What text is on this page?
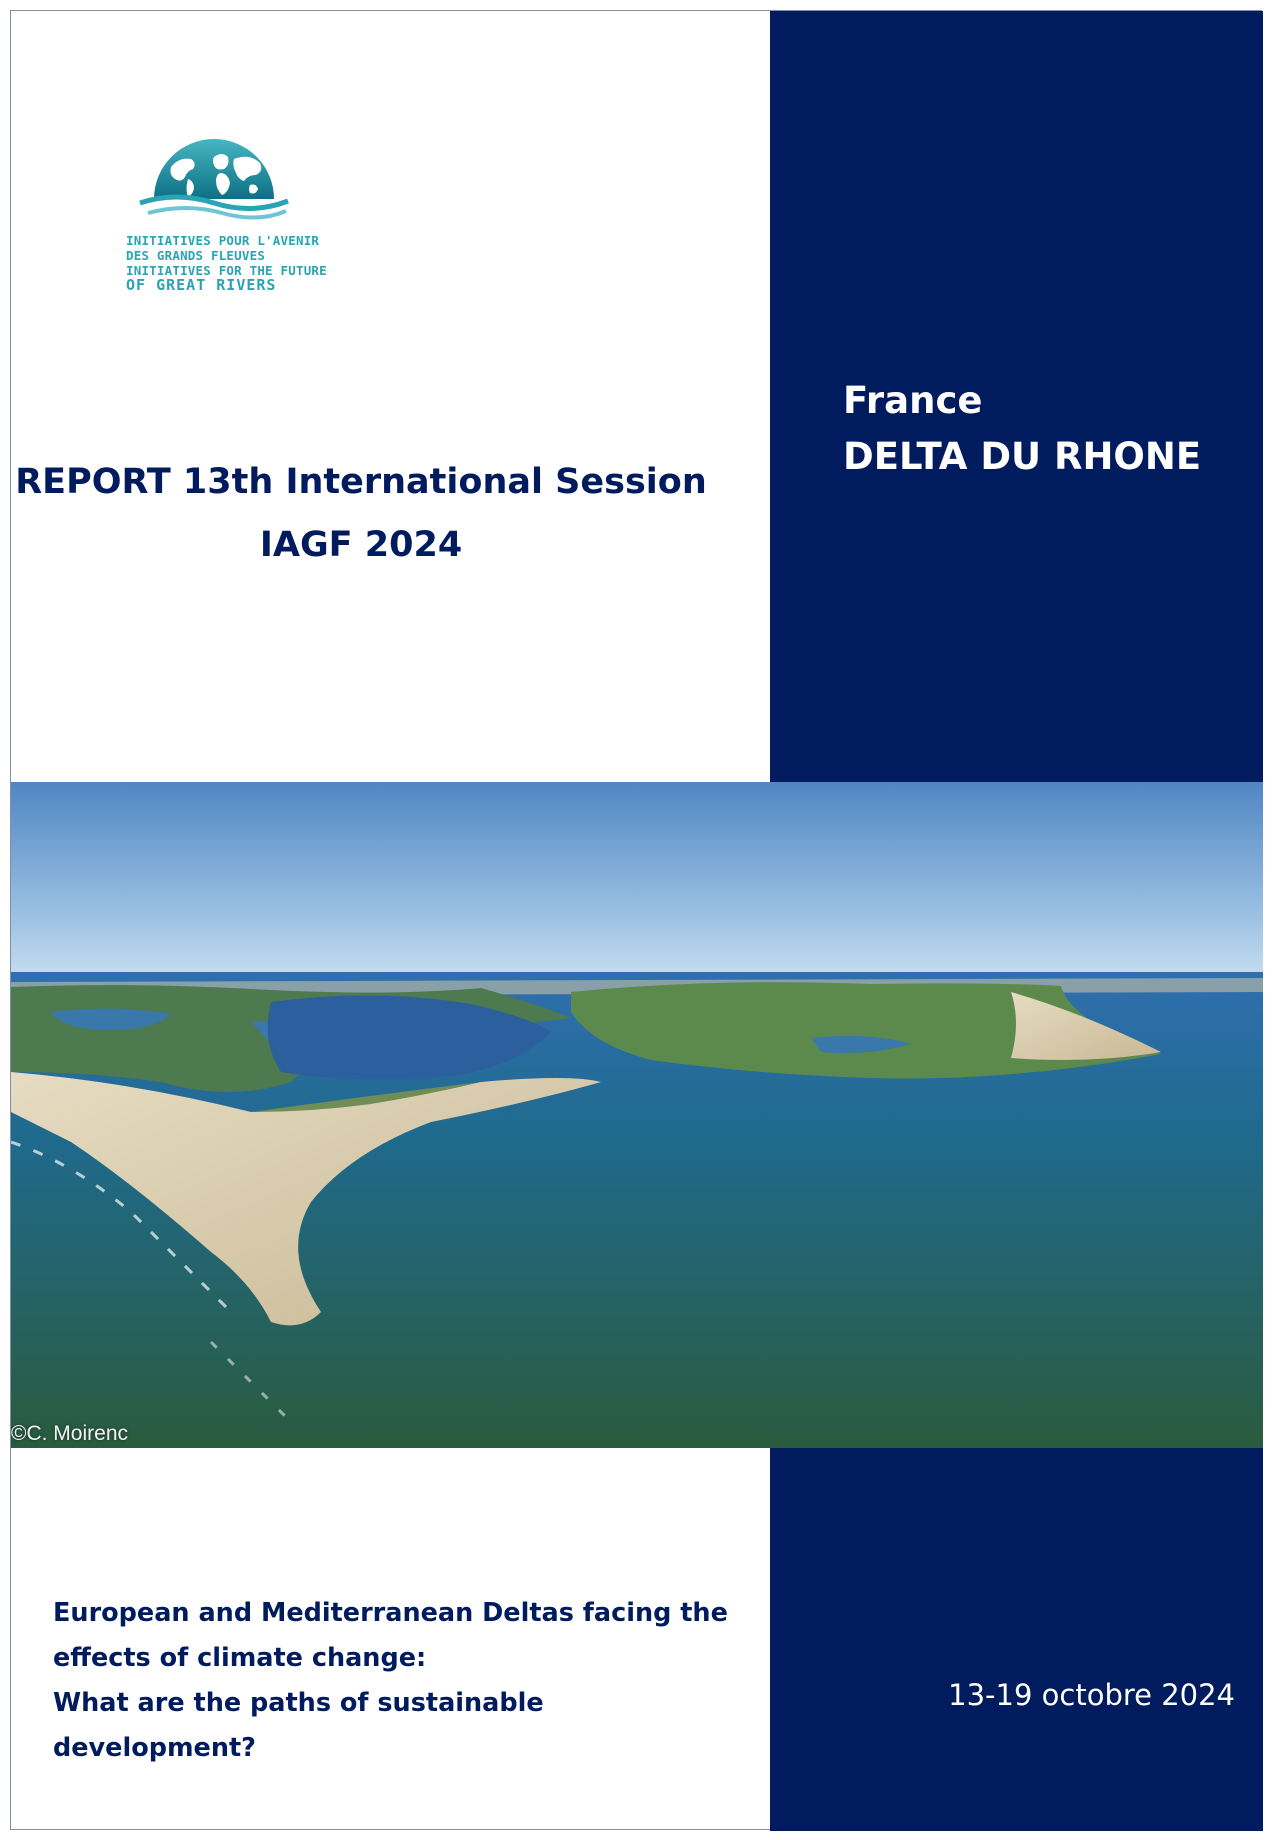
INITIATIVES POUR L'AVENIR
DES GRANDS FLEUVES
INITIATIVES FOR THE FUTURE
OF GREAT RIVERS
REPORT 13th International Session
IAGF 2024
France
DELTA DU RHONE
©C. Moirenc
European and Mediterranean Deltas facing the
effects of climate change:
What are the paths of sustainable
development?
13-19 octobre 2024
